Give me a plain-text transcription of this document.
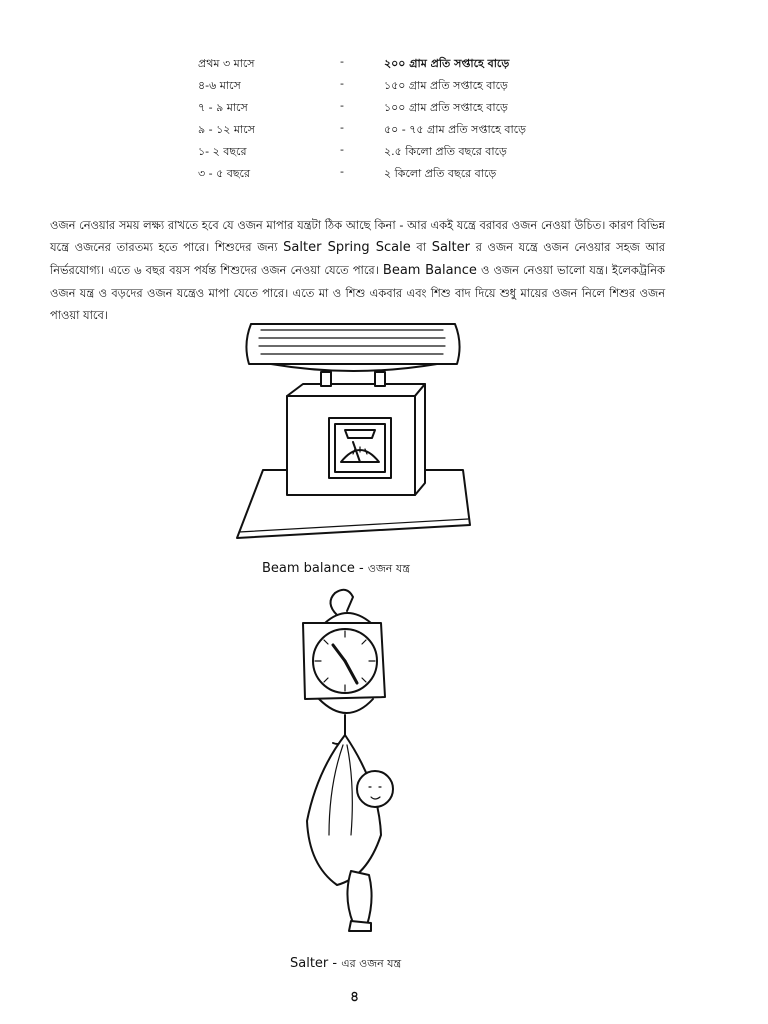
প্রথম ৩ মাসে	-	২০০ গ্রাম প্রতি সপ্তাহে বাড়ে
৪-৬ মাসে	-	১৫০ গ্রাম প্রতি সপ্তাহে বাড়ে
৭ - ৯ মাসে	-	১০০ গ্রাম প্রতি সপ্তাহে বাড়ে
৯ - ১২ মাসে	-	৫০ - ৭৫ গ্রাম প্রতি সপ্তাহে বাড়ে
১- ২ বছরে	-	২.৫ কিলো প্রতি বছরে বাড়ে
৩ - ৫ বছরে	-	২ কিলো প্রতি বছরে বাড়ে
ওজন নেওয়ার সময় লক্ষ্য রাখতে হবে যে ওজন মাপার যন্ত্রটা ঠিক আছে কিনা - আর একই যন্ত্রে বরাবর ওজন নেওয়া উচিত। কারণ বিভিন্ন যন্ত্রে ওজনের তারতম্য হতে পারে। শিশুদের জন্য Salter Spring Scale বা Salter র ওজন যন্ত্রে ওজন নেওয়ার সহজ আর নির্ভরযোগ্য। এতে ৬ বছর বয়স পর্যন্ত শিশুদের ওজন নেওয়া যেতে পারে। Beam Balance ও ওজন নেওয়া ভালো যন্ত্র। ইলেকট্রনিক ওজন যন্ত্র ও বড়দের ওজন যন্ত্রেও মাপা যেতে পারে। এতে মা ও শিশু একবার এবং শিশু বাদ দিয়ে শুধু মায়ের ওজন নিলে শিশুর ওজন পাওয়া যাবে।
Beam balance - ওজন যন্ত্র
Salter - এর ওজন যন্ত্র
৪
